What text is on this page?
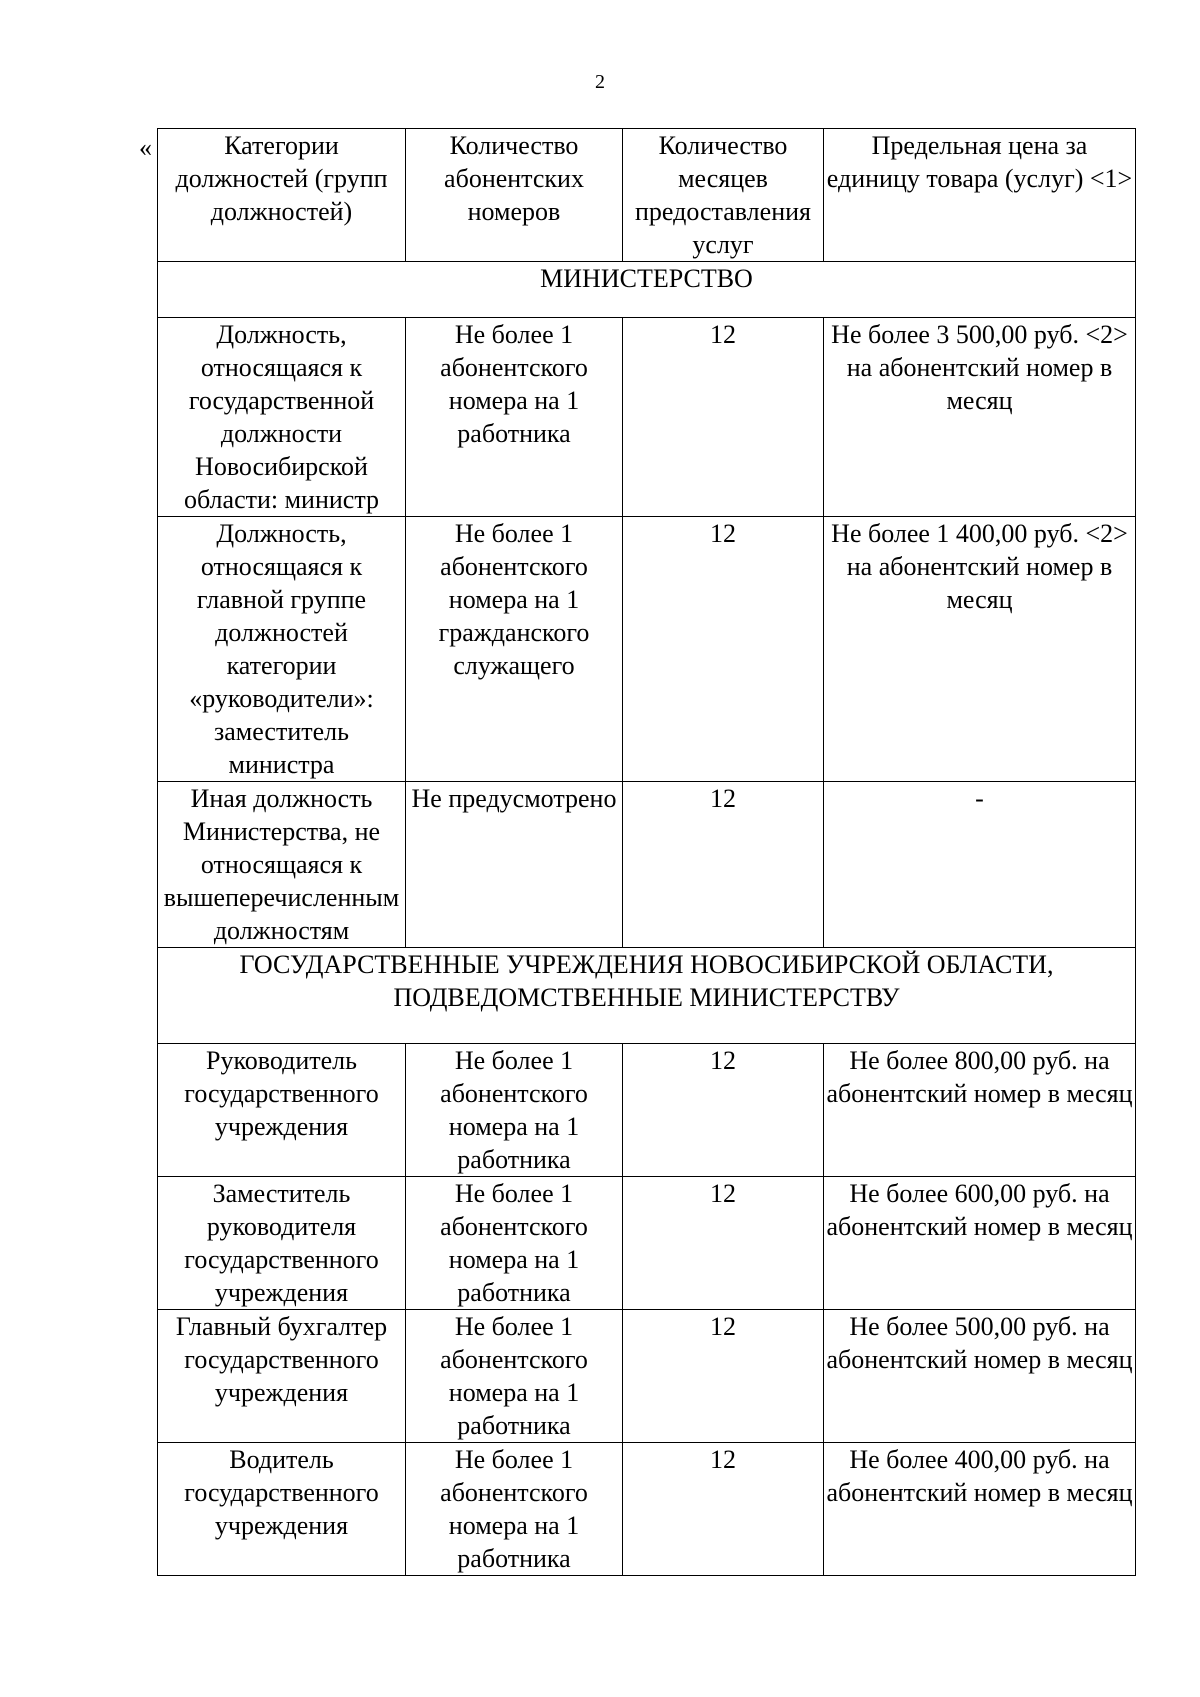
2
«	Категории должностей (групп должностей)	Количество абонентских номеров	Количество месяцев предоставления услуг	Предельная цена за единицу товара (услуг) <1>
МИНИСТЕРСТВО			
Должность, относящаяся к государственной должности Новосибирской области: министр	Не более 1 абонентского номера на 1 работника	12	Не более 3 500,00 руб. <2> на абонентский номер в месяц
Должность, относящаяся к главной группе должностей категории «руководители»: заместитель министра	Не более 1 абонентского номера на 1 гражданского служащего	12	Не более 1 400,00 руб. <2> на абонентский номер в месяц
Иная должность Министерства, не относящаяся к вышеперечисленным должностям	Не предусмотрено	12	-
ГОСУДАРСТВЕННЫЕ УЧРЕЖДЕНИЯ НОВОСИБИРСКОЙ ОБЛАСТИ, ПОДВЕДОМСТВЕННЫЕ МИНИСТЕРСТВУ			
Руководитель государственного учреждения	Не более 1 абонентского номера на 1 работника	12	Не более 800,00 руб. на абонентский номер в месяц
Заместитель руководителя государственного учреждения	Не более 1 абонентского номера на 1 работника	12	Не более 600,00 руб. на абонентский номер в месяц
Главный бухгалтер государственного учреждения	Не более 1 абонентского номера на 1 работника	12	Не более 500,00 руб. на абонентский номер в месяц
Водитель государственного учреждения	Не более 1 абонентского номера на 1 работника	12	Не более 400,00 руб. на абонентский номер в месяц
